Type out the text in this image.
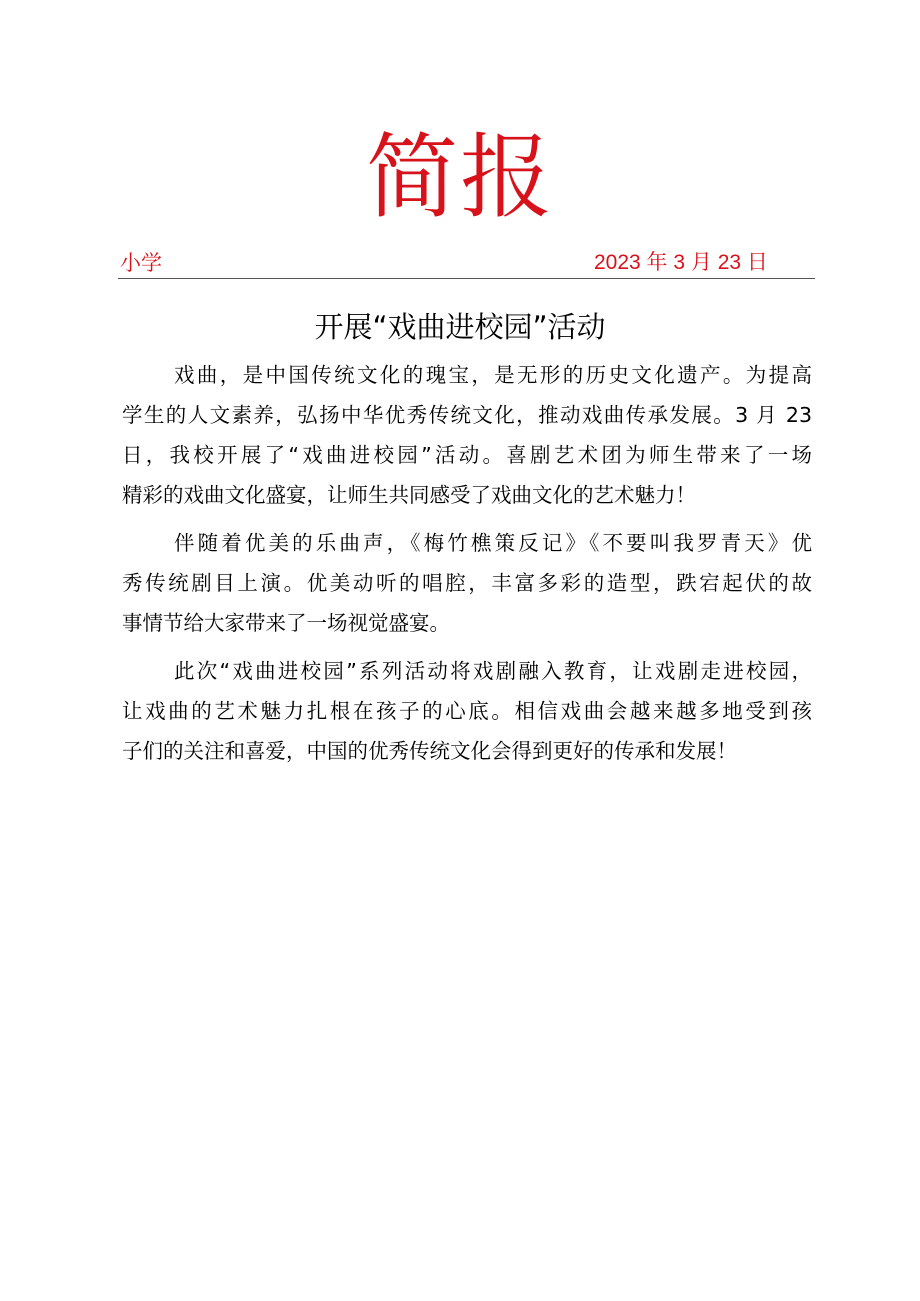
简报
小学	2023 年 3 月 23 日
开展“戏曲进校园”活动
戏曲，是中国传统文化的瑰宝，是无形的历史文化遗产。为提高
学生的人文素养，弘扬中华优秀传统文化，推动戏曲传承发展。3 月 23
日，我校开展了“戏曲进校园”活动。喜剧艺术团为师生带来了一场
精彩的戏曲文化盛宴，让师生共同感受了戏曲文化的艺术魅力！
伴随着优美的乐曲声，《梅竹樵策反记》《不要叫我罗青天》优
秀传统剧目上演。优美动听的唱腔，丰富多彩的造型，跌宕起伏的故
事情节给大家带来了一场视觉盛宴。
此次“戏曲进校园”系列活动将戏剧融入教育，让戏剧走进校园，
让戏曲的艺术魅力扎根在孩子的心底。相信戏曲会越来越多地受到孩
子们的关注和喜爱，中国的优秀传统文化会得到更好的传承和发展！
